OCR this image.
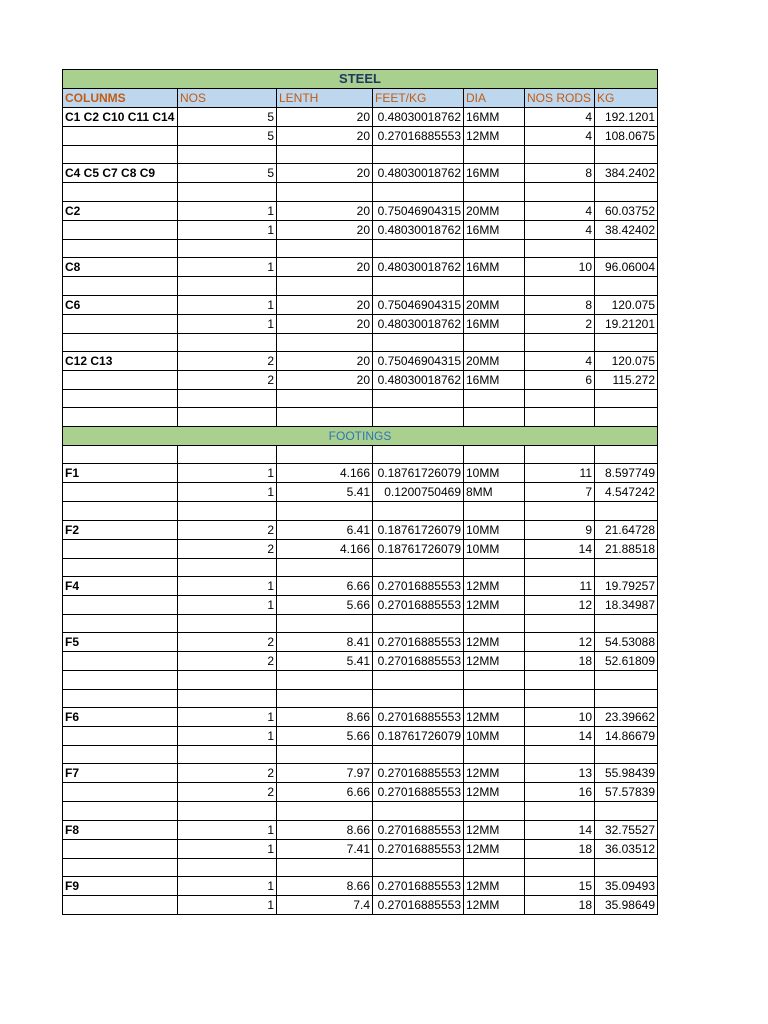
STEEL						
COLUNMS	NOS	LENTH	FEET/KG	DIA	NOS RODS	KG
C1 C2 C10 C11 C14	5	20	0.48030018762	16MM	4	192.1201
	5	20	0.27016885553	12MM	4	108.0675

C4 C5 C7 C8 C9	5	20	0.48030018762	16MM	8	384.2402

C2	1	20	0.75046904315	20MM	4	60.03752
	1	20	0.48030018762	16MM	4	38.42402

C8	1	20	0.48030018762	16MM	10	96.06004

C6	1	20	0.75046904315	20MM	8	120.075
	1	20	0.48030018762	16MM	2	19.21201

C12 C13	2	20	0.75046904315	20MM	4	120.075
	2	20	0.48030018762	16MM	6	115.272

FOOTINGS						

F1	1	4.166	0.18761726079	10MM	11	8.597749
	1	5.41	0.1200750469	8MM	7	4.547242

F2	2	6.41	0.18761726079	10MM	9	21.64728
	2	4.166	0.18761726079	10MM	14	21.88518

F4	1	6.66	0.27016885553	12MM	11	19.79257
	1	5.66	0.27016885553	12MM	12	18.34987

F5	2	8.41	0.27016885553	12MM	12	54.53088
	2	5.41	0.27016885553	12MM	18	52.61809

F6	1	8.66	0.27016885553	12MM	10	23.39662
	1	5.66	0.18761726079	10MM	14	14.86679

F7	2	7.97	0.27016885553	12MM	13	55.98439
	2	6.66	0.27016885553	12MM	16	57.57839

F8	1	8.66	0.27016885553	12MM	14	32.75527
	1	7.41	0.27016885553	12MM	18	36.03512

F9	1	8.66	0.27016885553	12MM	15	35.09493
	1	7.4	0.27016885553	12MM	18	35.98649
